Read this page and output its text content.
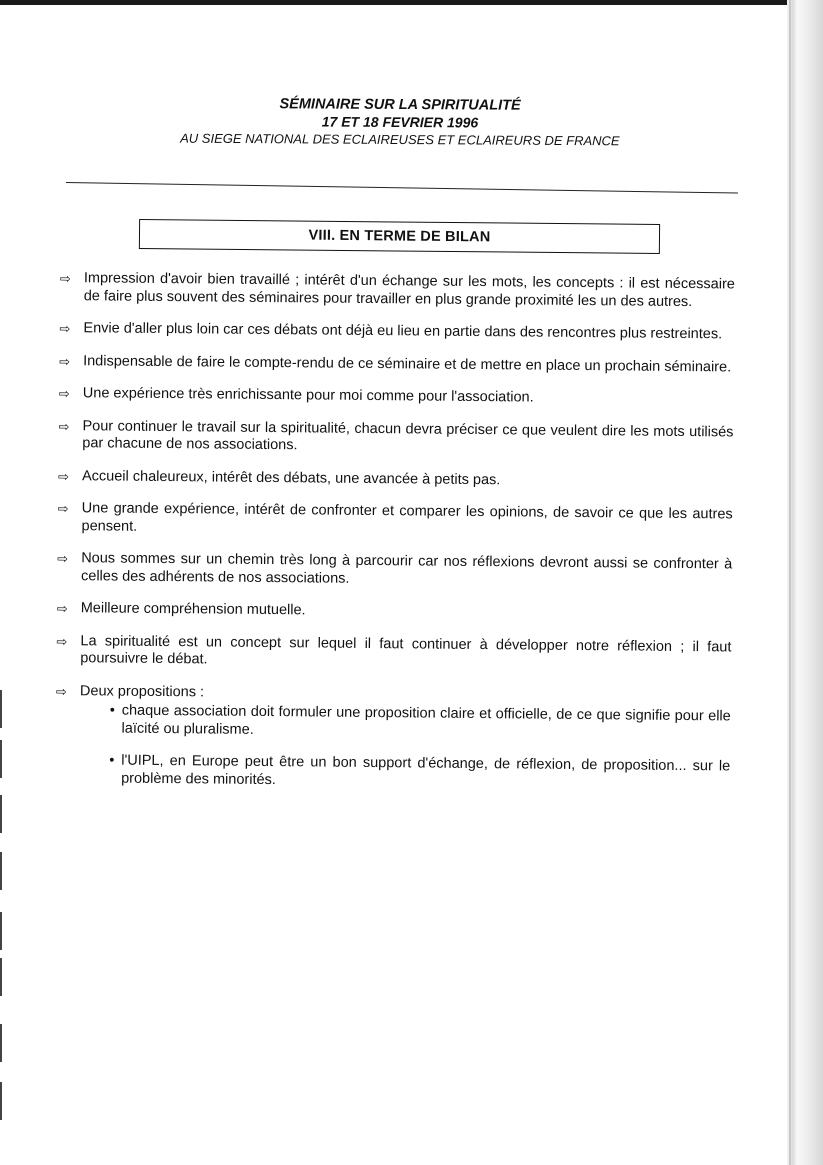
SÉMINAIRE SUR LA SPIRITUALITÉ
17 ET 18 FEVRIER 1996
AU SIEGE NATIONAL DES ECLAIREUSES ET ECLAIREURS DE FRANCE
VIII. EN TERME DE BILAN
⇨ Impression d'avoir bien travaillé ; intérêt d'un échange sur les mots, les concepts : il est nécessaire de faire plus souvent des séminaires pour travailler en plus grande proximité les un des autres.
⇨ Envie d'aller plus loin car ces débats ont déjà eu lieu en partie dans des rencontres plus restreintes.
⇨ Indispensable de faire le compte-rendu de ce séminaire et de mettre en place un prochain séminaire.
⇨ Une expérience très enrichissante pour moi comme pour l'association.
⇨ Pour continuer le travail sur la spiritualité, chacun devra préciser ce que veulent dire les mots utilisés par chacune de nos associations.
⇨ Accueil chaleureux, intérêt des débats, une avancée à petits pas.
⇨ Une grande expérience, intérêt de confronter et comparer les opinions, de savoir ce que les autres pensent.
⇨ Nous sommes sur un chemin très long à parcourir car nos réflexions devront aussi se confronter à celles des adhérents de nos associations.
⇨ Meilleure compréhension mutuelle.
⇨ La spiritualité est un concept sur lequel il faut continuer à développer notre réflexion ; il faut poursuivre le débat.
⇨ Deux propositions :
• chaque association doit formuler une proposition claire et officielle, de ce que signifie pour elle laïcité ou pluralisme.
• l'UIPL, en Europe peut être un bon support d'échange, de réflexion, de proposition... sur le problème des minorités.
